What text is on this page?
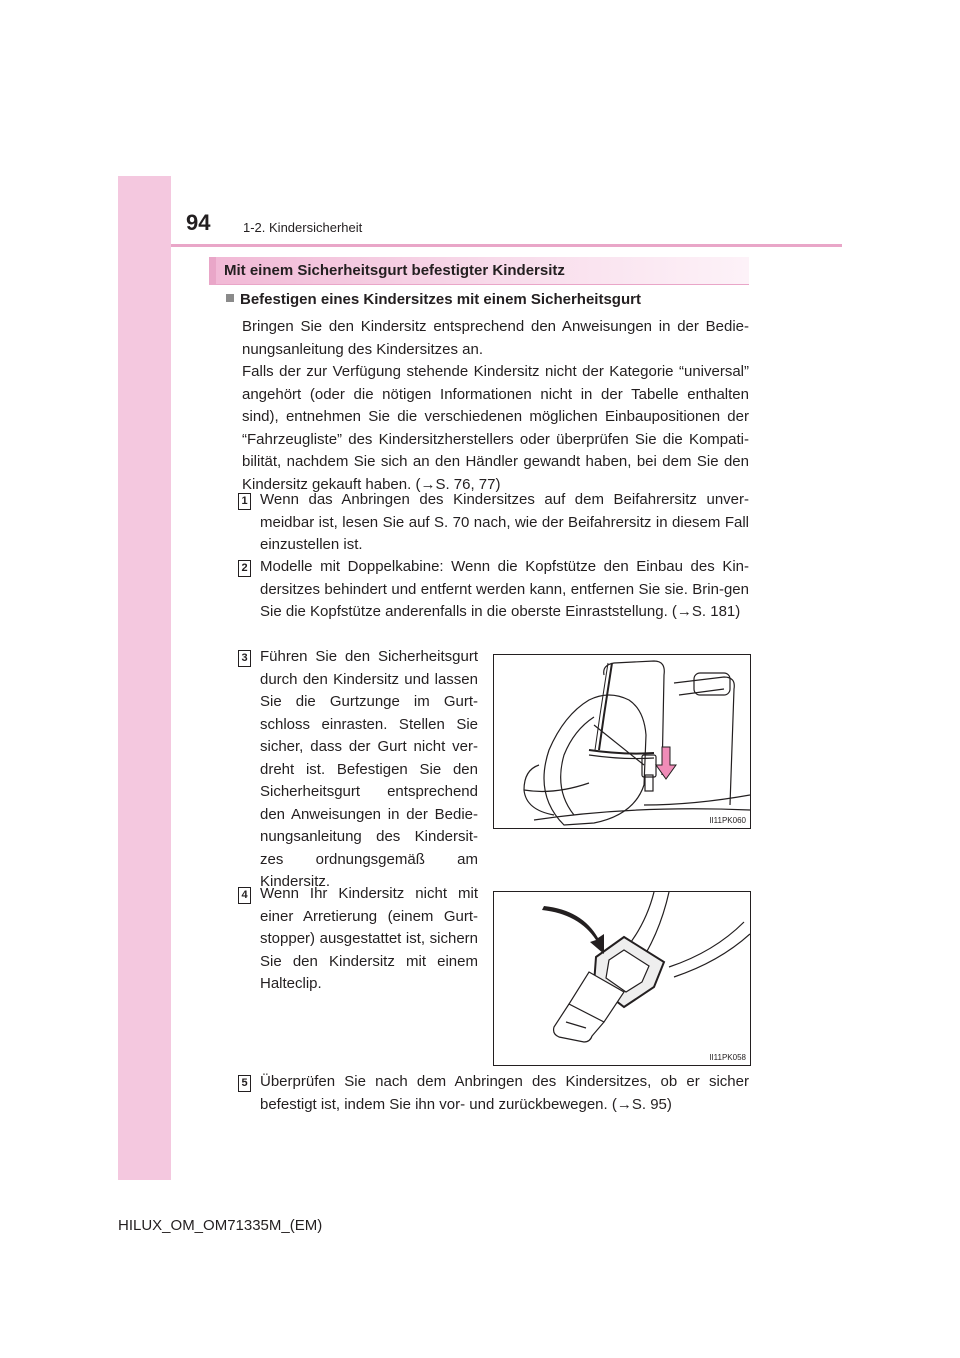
94	1-2. Kindersicherheit
Mit einem Sicherheitsgurt befestigter Kindersitz
Befestigen eines Kindersitzes mit einem Sicherheitsgurt
Bringen Sie den Kindersitz entsprechend den Anweisungen in der Bedie-nungsanleitung des Kindersitzes an.
Falls der zur Verfügung stehende Kindersitz nicht der Kategorie “universal” angehört (oder die nötigen Informationen nicht in der Tabelle enthalten sind), entnehmen Sie die verschiedenen möglichen Einbaupositionen der “Fahrzeugliste” des Kindersitzherstellers oder überprüfen Sie die Kompati-bilität, nachdem Sie sich an den Händler gewandt haben, bei dem Sie den Kindersitz gekauft haben. (→S. 76, 77)
1 Wenn das Anbringen des Kindersitzes auf dem Beifahrersitz unver-meidbar ist, lesen Sie auf S. 70 nach, wie der Beifahrersitz in diesem Fall einzustellen ist.
2 Modelle mit Doppelkabine: Wenn die Kopfstütze den Einbau des Kin-dersitzes behindert und entfernt werden kann, entfernen Sie sie. Brin-gen Sie die Kopfstütze anderenfalls in die oberste Einraststellung. (→S. 181)
3 Führen Sie den Sicherheitsgurt durch den Kindersitz und lassen Sie die Gurtzunge im Gurt-schloss einrasten. Stellen Sie sicher, dass der Gurt nicht ver-dreht ist. Befestigen Sie den Sicherheitsgurt entsprechend den Anweisungen in der Bedie-nungsanleitung des Kindersit-zes ordnungsgemäß am Kindersitz.
II11PK060
4 Wenn Ihr Kindersitz nicht mit einer Arretierung (einem Gurt-stopper) ausgestattet ist, sichern Sie den Kindersitz mit einem Halteclip.
II11PK058
5 Überprüfen Sie nach dem Anbringen des Kindersitzes, ob er sicher befestigt ist, indem Sie ihn vor- und zurückbewegen. (→S. 95)
HILUX_OM_OM71335M_(EM)
